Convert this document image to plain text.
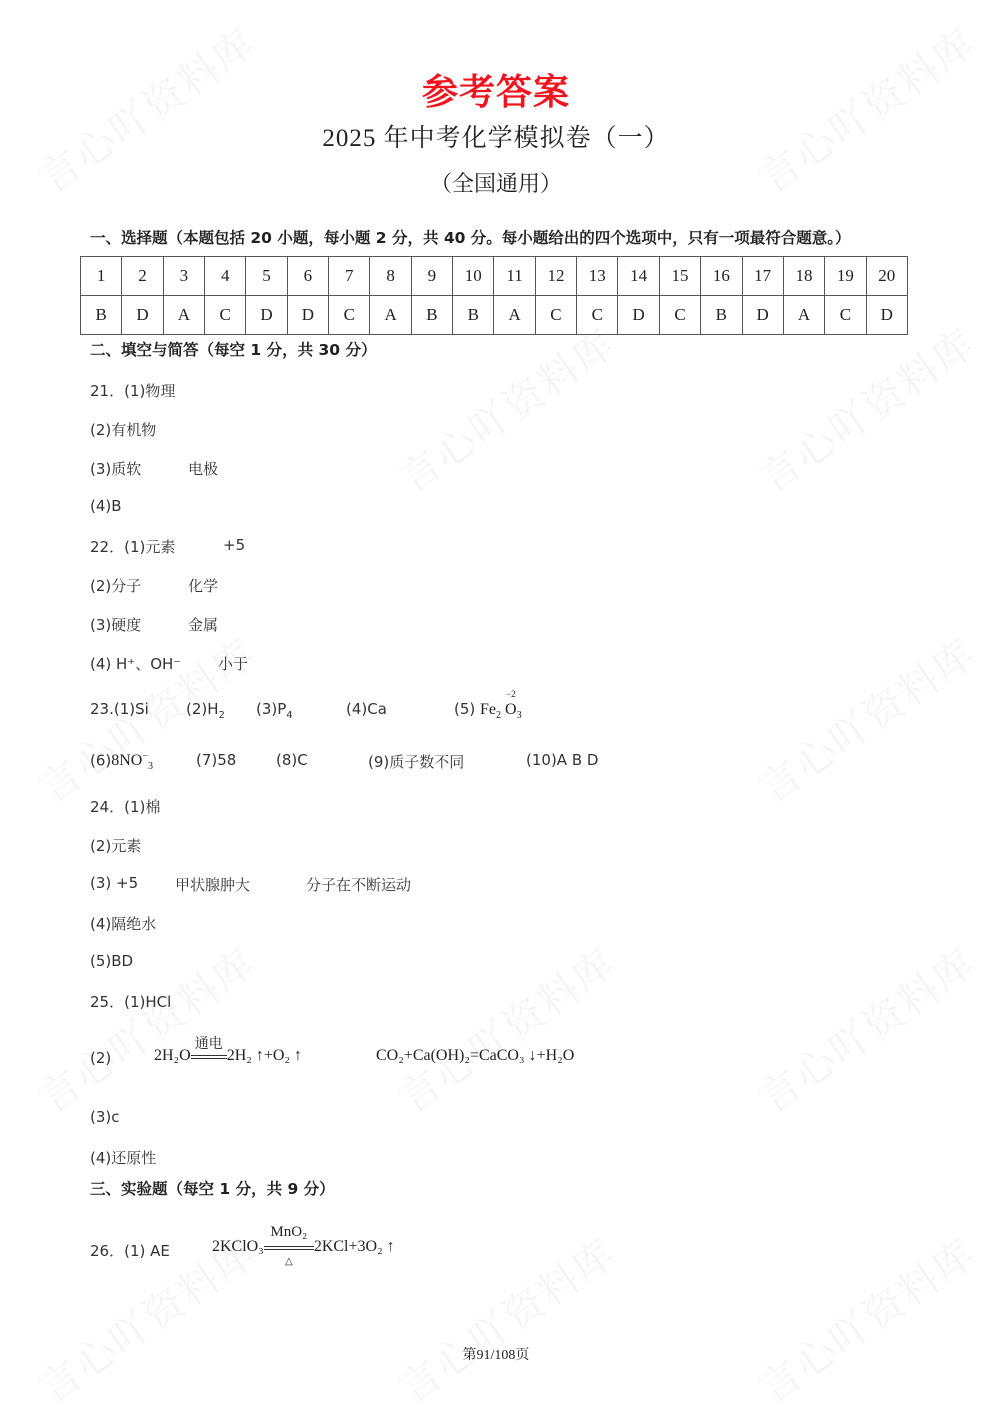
参考答案
2025 年中考化学模拟卷（一）
（全国通用）
一、选择题（本题包括 20 小题，每小题 2 分，共 40 分。每小题给出的四个选项中，只有一项最符合题意。）
1	2	3	4	5	6	7	8	9	10	11	12	13	14	15	16	17	18	19	20
B	D	A	C	D	D	C	A	B	B	A	C	C	D	C	B	D	A	C	D
二、填空与简答（每空 1 分，共 30 分）
21．(1)物理
(2)有机物
(3)质软	电极
(4)B
22．(1)元素	+5
(2)分子	化学
(3)硬度	金属
(4) H⁺、OH⁻ 小于
23.(1)Si $(2)H_2$ $(3)P_4$	(4)Ca	(5) $Fe_2$
−2
$O_3$
$(6)8NO^-_3$	(7)58	(8)C	(9)质子数不同	(10)A B D
24．(1)棉
(2)元素
(3) +5 甲状腺肿大	分子在不断运动
(4)隔绝水
(5)BD
25．(1)HCl
(2)	2H₂O
通电
2H₂ ↑+O₂ ↑	CO₂+Ca(OH)₂=CaCO₃ ↓+H₂O
(3)c
(4)还原性
三、实验题（每空 1 分，共 9 分）
26．(1) AE	2KClO₃
MnO₂
△
2KCl+3O₂ ↑
第91/108页
